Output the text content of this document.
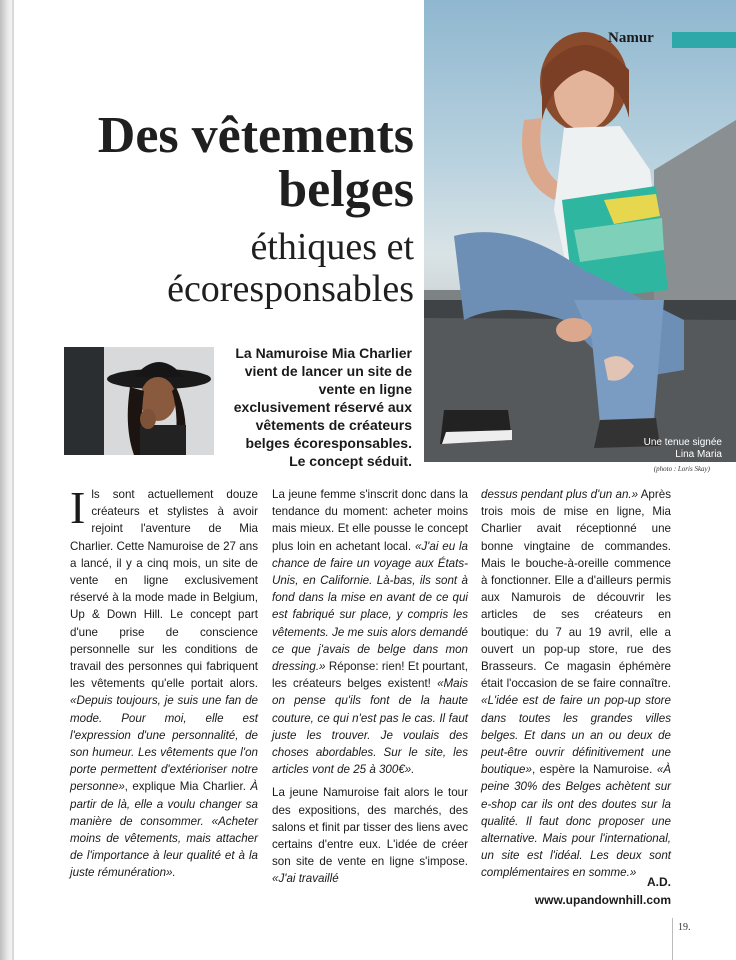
Namur
Une tenue signée
Lina Maria
(photo : Loris Skay)
Des vêtements
belges
éthiques et
écoresponsables
La Namuroise Mia Charlier vient de lancer un site de vente en ligne exclusivement réservé aux vêtements de créateurs belges écoresponsables. Le concept séduit.

Ils sont actuellement douze créateurs et stylistes à avoir rejoint l'aventure de Mia Charlier. Cette Namuroise de 27 ans a lancé, il y a cinq mois, un site de vente en ligne exclusivement réservé à la mode made in Belgium, Up & Down Hill. Le concept part d'une prise de conscience personnelle sur les conditions de travail des personnes qui fabriquent les vêtements qu'elle portait alors. «Depuis toujours, je suis une fan de mode. Pour moi, elle est l'expression d'une personnalité, de son humeur. Les vêtements que l'on porte permettent d'extérioriser notre personne», explique Mia Charlier. À partir de là, elle a voulu changer sa manière de consommer. «Acheter moins de vêtements, mais attacher de l'importance à leur qualité et à la juste rémunération».

La jeune femme s'inscrit donc dans la tendance du moment: acheter moins mais mieux. Et elle pousse le concept plus loin en achetant local. «J'ai eu la chance de faire un voyage aux États-Unis, en Californie. Là-bas, ils sont à fond dans la mise en avant de ce qui est fabriqué sur place, y compris les vêtements. Je me suis alors demandé ce que j'avais de belge dans mon dressing.» Réponse: rien! Et pourtant, les créateurs belges existent! «Mais on pense qu'ils font de la haute couture, ce qui n'est pas le cas. Il faut juste les trouver. Je voulais des choses abordables. Sur le site, les articles vont de 25 à 300€».

La jeune Namuroise fait alors le tour des expositions, des marchés, des salons et finit par tisser des liens avec certains d'entre eux. L'idée de créer son site de vente en ligne s'impose. «J'ai travaillé

dessus pendant plus d'un an.» Après trois mois de mise en ligne, Mia Charlier avait réceptionné une bonne vingtaine de commandes. Mais le bouche-à-oreille commence à fonctionner. Elle a d'ailleurs permis aux Namurois de découvrir les articles de ses créateurs en boutique: du 7 au 19 avril, elle a ouvert un pop-up store, rue des Brasseurs. Ce magasin éphémère était l'occasion de se faire connaître. «L'idée est de faire un pop-up store dans toutes les grandes villes belges. Et dans un an ou deux de peut-être ouvrir définitivement une boutique», espère la Namuroise. «À peine 30% des Belges achètent sur e-shop car ils ont des doutes sur la qualité. Il faut donc proposer une alternative. Mais pour l'international, un site est l'idéal. Les deux sont complémentaires en somme.»

A.D.
www.upandownhill.com
19.
